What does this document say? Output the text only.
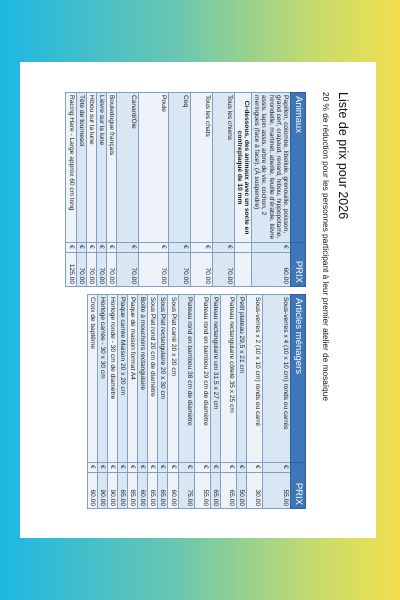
Liste de prix pour 2026
20 % de réduction pour les personnes participant à leur premier atelier de mosaïque
Animaux	PRIX	
Papillon, colombe, libellule, grenouille, poisson, grand cerf, crapaud, renard, hibou, hippopotame, hirondelle, martinet, abeille, feuille d'érable, lièvre assis, lapin assis, arbre de vie, cochon, 2 meringues (face à face), (À suspendre)	€	60.00
Ci-dessous, des animaux avec un socle en contreplaqué de 10 mm		
Tous les chiens	€	70.00
Tous les chats	€	70.00
Coq	€	70.00
Poule	€	70.00
Canard/Oie	€	70.00
Bouledogue français	€	70.00
Lièvre sur la lune	€	70.00
Hibou sur la lune	€	70.00
Tête de tournesol	€	70.00
Racing Hare - Large approx 60 cm long	€	125.00
Articles ménagers	PRIX	
Sous-verres x 4 (10 x 10 cm) ronds ou carrés	€	55.00
Sous-verres x 2 (10 x 10 cm) ronds ou carré	€	30.00
Petit plateau 29,5 x 21 cm	€	50.00
Plateau rectangulaire côtelé 35 x 25 cm	€	65.00
Plateau rectangulaire uni 31,5 x 27 cm	€	65.00
Plateau rond en bambou 29 cm de diamètre	€	55.00
Plateau rond en bambou 38 cm de diamètre	€	75.00
Sous Plat carré 20 x 20 cm	€	60.00
Sous Plat rectangulaire 20 x 30 cm	€	65.00
Sous Plat rond 20 cm de diamètre	€	65.00
Boîte à mouchoirs rectangulaire	€	60.00
Plaque de maison format A4	€	85.00
Plaque carrée Maison 20 x 20 cm	€	65.00
Horloge ronde - 30 cm de diamètre	€	90.00
Horloge carrée - 30 x 30 cm	€	90.00
Croix de baptême	€	60.00
